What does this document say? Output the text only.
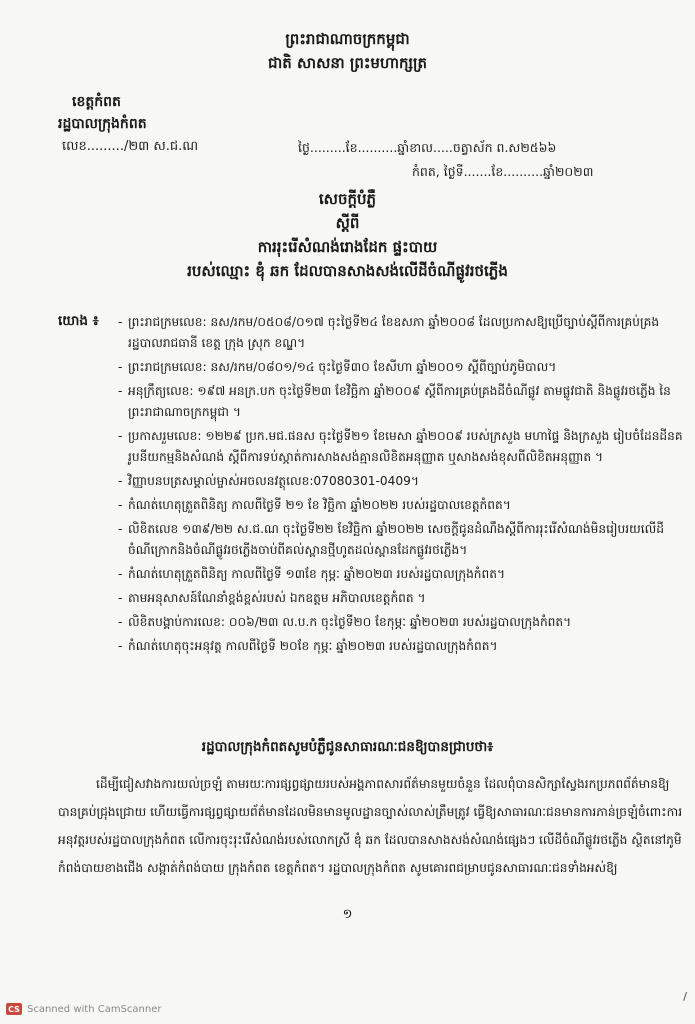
ព្រះរាជាណាចក្រកម្ពុជា
ជាតិ សាសនា ព្រះមហាក្សត្រ
ខេត្តកំពត
រដ្ឋបាលក្រុងកំពត
លេខ........./២៣ ស.ជ.ណ	ថ្ងៃ.........ខែ..........ឆ្នាំខាល.....ចត្វាស័ក ព.ស២៥៦៦
កំពត, ថ្ងៃទី.......ខែ..........ឆ្នាំ២០២៣
សេចក្តីបំភ្លឺ
ស្តីពី
ការរុះរើសំណង់រោងដែក ផ្ទះបាយ
របស់ឈ្មោះ ឌុំ ឆក ដែលបានសាងសង់លើដីចំណីផ្លូវរថភ្លើង
យោង ៖
-	ព្រះរាជក្រមលេខ: នស/រកម/០៥០៨/០១៧ ចុះថ្ងៃទី២៤ ខែឧសភា ឆ្នាំ២០០៨ ដែលប្រកាសឱ្យប្រើច្បាប់ស្តីពីការគ្រប់គ្រងរដ្ឋបាលរាជធានី ខេត្ត ក្រុង ស្រុក ខណ្ឌ។
- ព្រះរាជក្រមលេខ: នស/រកម/០៨០១/១៤ ចុះថ្ងៃទី៣០ ខែសីហា ឆ្នាំ២០០១ ស្តីពីច្បាប់ភូមិបាល។
- អនុក្រឹត្យលេខ: ១៩៧ អនក្រ.បក ចុះថ្ងៃទី២៣ ខែវិច្ឆិកា ឆ្នាំ២០០៩ ស្តីពីការគ្រប់គ្រងដីចំណីផ្លូវ តាមផ្លូវជាតិ និងផ្លូវរថភ្លើង នៃព្រះរាជាណាចក្រកម្ពុជា ។
- ប្រកាសរួមលេខ: ១២២៩ ប្រក.មជ.ផនស ចុះថ្ងៃទី២១ ខែមេសា ឆ្នាំ២០០៩ របស់ក្រសួង មហាផ្ទៃ និងក្រសួង រៀបចំដែនដីនគរូបនីយកម្មនិងសំណង់ ស្តីពីការទប់ស្កាត់ការសាងសង់គ្មានលិខិតអនុញ្ញាត ឬសាងសង់ខុសពីលិខិតអនុញ្ញាត ។
- វិញ្ញាបនបត្រសម្គាល់ម្ចាស់អចលនវត្ថុលេខ:07080301-0409។
- កំណត់ហេតុត្រួតពិនិត្យ កាលពីថ្ងៃទី ២១ ខែ វិច្ឆិកា ឆ្នាំ២០២២ របស់រដ្ឋបាលខេត្តកំពត។
- លិខិតលេខ ១៣៩/២២ ស.ជ.ណ ចុះថ្ងៃទី២២ ខែវិច្ឆិកា ឆ្នាំ២០២២ សេចក្តីជូនដំណឹងស្តីពីការរុះរើសំណង់មិនរៀបរយលើដីចំណីក្រោកនិងចំណីផ្លូវរថភ្លើងចាប់ពីគល់ស្ពានថ្មីហូតដល់ស្ពានដែកផ្លូវរថភ្លើង។
- កំណត់ហេតុត្រួតពិនិត្យ កាលពីថ្ងៃទី ១៣ខែ កុម្ភៈ ឆ្នាំ២០២៣ របស់រដ្ឋបាលក្រុងកំពត។
- តាមអនុសាសន៍ណែនាំខ្ពង់ខ្ពស់របស់ ឯកឧត្តម អភិបាលខេត្តកំពត ។
- លិខិតបង្គាប់ការលេខ: ០០៦/២៣ ល.ប.ក ចុះថ្ងៃទី២០ ខែកុម្ភៈ ឆ្នាំ២០២៣ របស់រដ្ឋបាលក្រុងកំពត។
- កំណត់ហេតុចុះអនុវត្ត កាលពីថ្ងៃទី ២០ខែ កុម្ភៈ ឆ្នាំ២០២៣ របស់រដ្ឋបាលក្រុងកំពត។
រដ្ឋបាលក្រុងកំពតសូមបំភ្លឺជូនសាធារណៈជនឱ្យបានជ្រាបថា៖

ដើម្បីជៀសវាងការយល់ច្រឡំ តាមរយៈការផ្សព្វផ្សាយរបស់អង្គភាពសារព័ត៌មានមួយចំនួន ដែលពុំបានសិក្សាស្វែងរកប្រភពព័ត៌មានឱ្យបានគ្រប់ជ្រុងជ្រោយ ហើយធ្វើការផ្សព្វផ្សាយព័ត៌មានដែលមិនមានមូលដ្ឋានច្បាស់លាស់ត្រឹមត្រូវ ធ្វើឱ្យសាធារណៈជនមានការភាន់ច្រឡំចំពោះការអនុវត្តរបស់រដ្ឋបាលក្រុងកំពត លើការចុះរុះរើសំណង់របស់លោកស្រី ឌុំ ឆក ដែលបានសាងសង់សំណង់ផ្សេងៗ លើដីចំណីផ្លូវរថភ្លើង ស្ថិតនៅភូមិកំពង់បាយខាងជើង សង្កាត់កំពង់បាយ ក្រុងកំពត ខេត្តកំពត។ រដ្ឋបាលក្រុងកំពត សូមគោរពជម្រាបជូនសាធារណៈជនទាំងអស់ឱ្យ

១
/
CS Scanned with CamScanner
